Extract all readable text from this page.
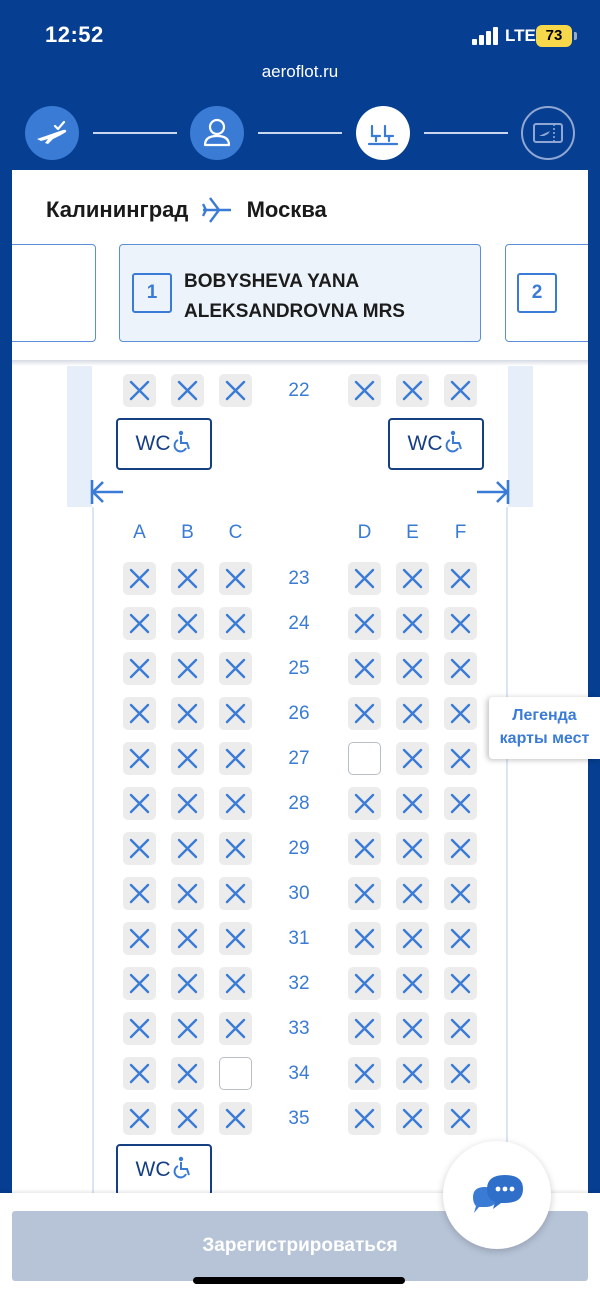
12:52	LTE 73
aeroflot.ru
Калининград	Москва
1
BOBYSHEVA YANA
ALEKSANDROVNA MRS
2
WC	WC
WC
A	B	C	D	E	F
22
23
24
25
26
27
28
29
30
31
32
33
34
35
Легенда
карты мест
Зарегистрироваться
